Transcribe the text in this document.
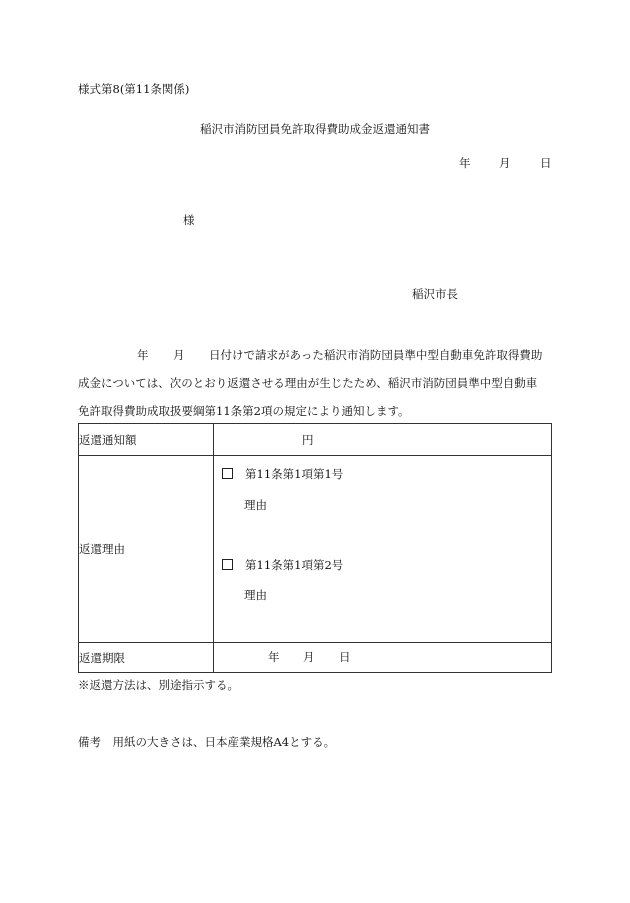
様式第8(第11条関係)
稲沢市消防団員免許取得費助成金返還通知書
年 月	日
様
稲沢市長
年 月 日付けで請求があった稲沢市消防団員準中型自動車免許取得費助
成金については、次のとおり返還させる理由が生じたため、稲沢市消防団員準中型自動車
免許取得費助成取扱要綱第11条第2項の規定により通知します。
返還通知額	円
返還理由	第11条第1項第1号
理由
第11条第1項第2号
理由

返還期限	年 月 日
※返還方法は、別途指示する。
備考　用紙の大きさは、日本産業規格A4とする。
